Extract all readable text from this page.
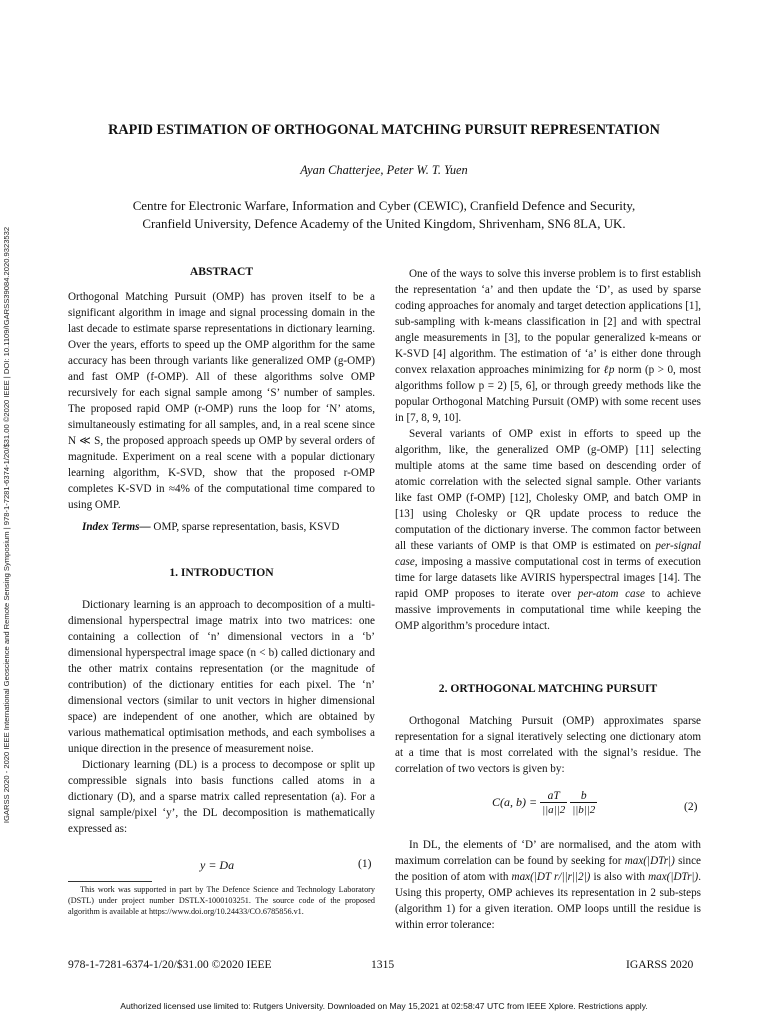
IGARSS 2020 - 2020 IEEE International Geoscience and Remote Sensing Symposium | 978-1-7281-6374-1/20/$31.00 ©2020 IEEE | DOI: 10.1109/IGARSS39084.2020.9323532
RAPID ESTIMATION OF ORTHOGONAL MATCHING PURSUIT REPRESENTATION
Ayan Chatterjee, Peter W. T. Yuen
Centre for Electronic Warfare, Information and Cyber (CEWIC), Cranfield Defence and Security,
Cranfield University, Defence Academy of the United Kingdom, Shrivenham, SN6 8LA, UK.
ABSTRACT

Orthogonal Matching Pursuit (OMP) has proven itself to be a significant algorithm in image and signal processing domain in the last decade to estimate sparse representations in dictionary learning. Over the years, efforts to speed up the OMP algorithm for the same accuracy has been through variants like generalized OMP (g-OMP) and fast OMP (f-OMP). All of these algorithms solve OMP recursively for each signal sample among ‘S’ number of samples. The proposed rapid OMP (r-OMP) runs the loop for ‘N’ atoms, simultaneously estimating for all samples, and, in a real scene since N ≪ S, the proposed approach speeds up OMP by several orders of magnitude. Experiment on a real scene with a popular dictionary learning algorithm, K-SVD, show that the proposed r-OMP completes K-SVD in ≈4% of the computational time compared to using OMP.

Index Terms— OMP, sparse representation, basis, KSVD

1. INTRODUCTION

Dictionary learning is an approach to decomposition of a multi-dimensional hyperspectral image matrix into two matrices: one containing a collection of ‘n’ dimensional vectors in a ‘b’ dimensional hyperspectral image space (n < b) called dictionary and the other matrix contains representation (or the magnitude of contribution) of the dictionary entities for each pixel. The ‘n’ dimensional vectors (similar to unit vectors in higher dimensional space) are independent of one another, which are obtained by various mathematical optimisation methods, and each symbolises a unique direction in the presence of measurement noise.

Dictionary learning (DL) is a process to decompose or split up compressible signals into basis functions called atoms in a dictionary (D), and a sparse matrix called representation (a). For a signal sample/pixel ‘y’, the DL decomposition is mathematically expressed as:

y = Da	(1)

This work was supported in part by The Defence Science and Technology Laboratory (DSTL) under project number DSTLX-1000103251. The source code of the proposed algorithm is available at https://www.doi.org/10.24433/CO.6785856.v1.

One of the ways to solve this inverse problem is to first establish the representation ‘a’ and then update the ‘D’, as used by sparse coding approaches for anomaly and target detection applications [1], sub-sampling with k-means classification in [2] and with spectral angle measurements in [3], to the popular generalized k-means or K-SVD [4] algorithm. The estimation of ‘a’ is either done through convex relaxation approaches minimizing for ℓp norm (p > 0, most algorithms follow p = 2) [5, 6], or through greedy methods like the popular Orthogonal Matching Pursuit (OMP) with some recent uses in [7, 8, 9, 10].

Several variants of OMP exist in efforts to speed up the algorithm, like, the generalized OMP (g-OMP) [11] selecting multiple atoms at the same time based on descending order of atomic correlation with the selected signal sample. Other variants like fast OMP (f-OMP) [12], Cholesky OMP, and batch OMP in [13] using Cholesky or QR update process to reduce the computation of the dictionary inverse. The common factor between all these variants of OMP is that OMP is estimated on per-signal case, imposing a massive computational cost in terms of execution time for large datasets like AVIRIS hyperspectral images [14]. The rapid OMP proposes to iterate over per-atom case to achieve massive improvements in computational time while keeping the OMP algorithm’s procedure intact.

2. ORTHOGONAL MATCHING PURSUIT

Orthogonal Matching Pursuit (OMP) approximates sparse representation for a signal iteratively selecting one dictionary atom at a time that is most correlated with the signal’s residue. The correlation of two vectors is given by:

C(a, $b) = \frac{aT}{||a||2}$
$\frac{b}{||b||2}$	(2)

In DL, the elements of ‘D’ are normalised, and the atom with maximum correlation can be found by seeking for max(|DTr|) since the position of atom with max(|DT r/||r||2|) is also with max(|DTr|). Using this property, OMP achieves its representation in 2 sub-steps (algorithm 1) for a given iteration. OMP loops untill the residue is within error tolerance:

978-1-7281-6374-1/20/$31.00 ©2020 IEEE	1315	IGARSS 2020
Authorized licensed use limited to: Rutgers University. Downloaded on May 15,2021 at 02:58:47 UTC from IEEE Xplore. Restrictions apply.
